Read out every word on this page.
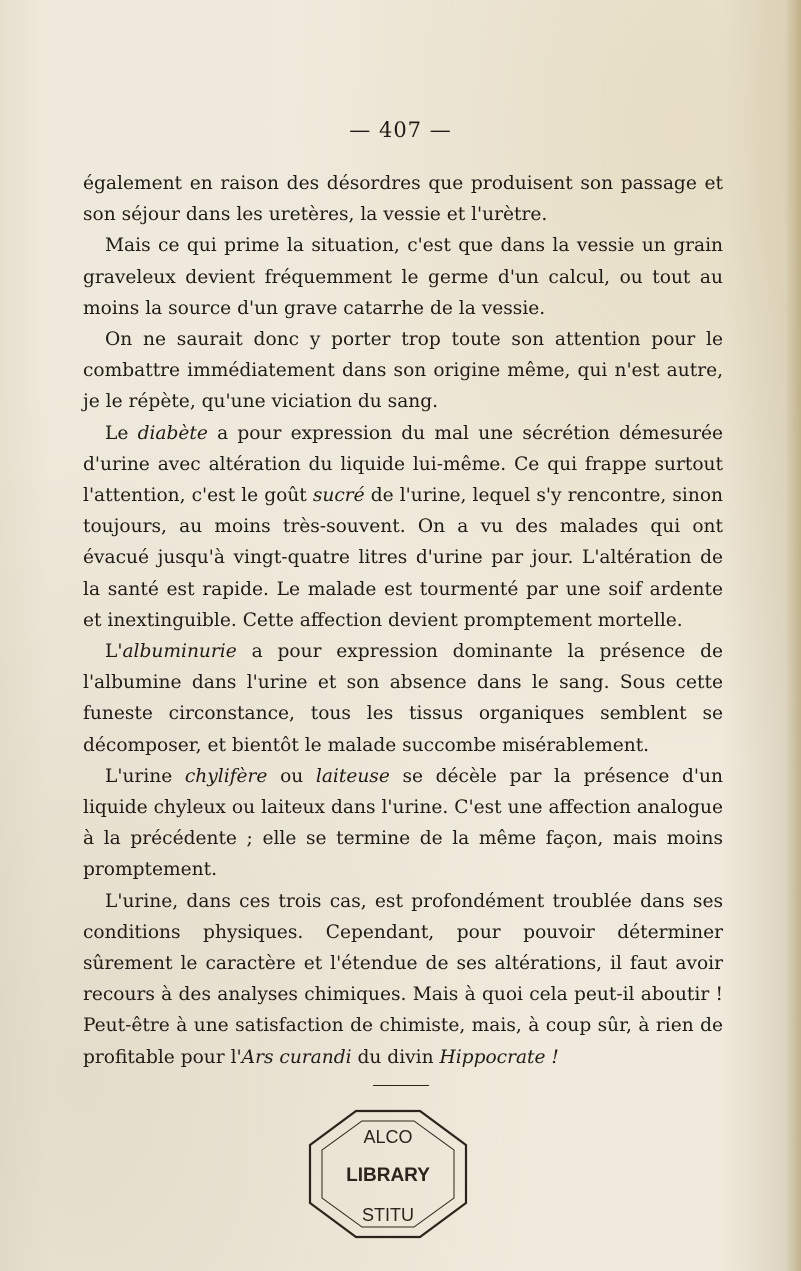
— 407 —

également en raison des désordres que produisent son passage et son séjour dans les uretères, la vessie et l'urètre.

Mais ce qui prime la situation, c'est que dans la vessie un grain graveleux devient fréquemment le germe d'un calcul, ou tout au moins la source d'un grave catarrhe de la vessie.

On ne saurait donc y porter trop toute son attention pour le combattre immédiatement dans son origine même, qui n'est autre, je le répète, qu'une viciation du sang.

Le diabète a pour expression du mal une sécrétion démesurée d'urine avec altération du liquide lui-même. Ce qui frappe surtout l'attention, c'est le goût sucré de l'urine, lequel s'y rencontre, sinon toujours, au moins très-souvent. On a vu des malades qui ont évacué jusqu'à vingt-quatre litres d'urine par jour. L'altération de la santé est rapide. Le malade est tourmenté par une soif ardente et inextinguible. Cette affection devient promptement mortelle.

L'albuminurie a pour expression dominante la présence de l'albumine dans l'urine et son absence dans le sang. Sous cette funeste circonstance, tous les tissus organiques semblent se décomposer, et bientôt le malade succombe misérablement.

L'urine chylifère ou laiteuse se décèle par la présence d'un liquide chyleux ou laiteux dans l'urine. C'est une affection analogue à la précédente ; elle se termine de la même façon, mais moins promptement.

L'urine, dans ces trois cas, est profondément troublée dans ses conditions physiques. Cependant, pour pouvoir déterminer sûrement le caractère et l'étendue de ses altérations, il faut avoir recours à des analyses chimiques. Mais à quoi cela peut-il aboutir ! Peut-être à une satisfaction de chimiste, mais, à coup sûr, à rien de profitable pour l'Ars curandi du divin Hippocrate !

ALCO
LIBRARY
STITU
